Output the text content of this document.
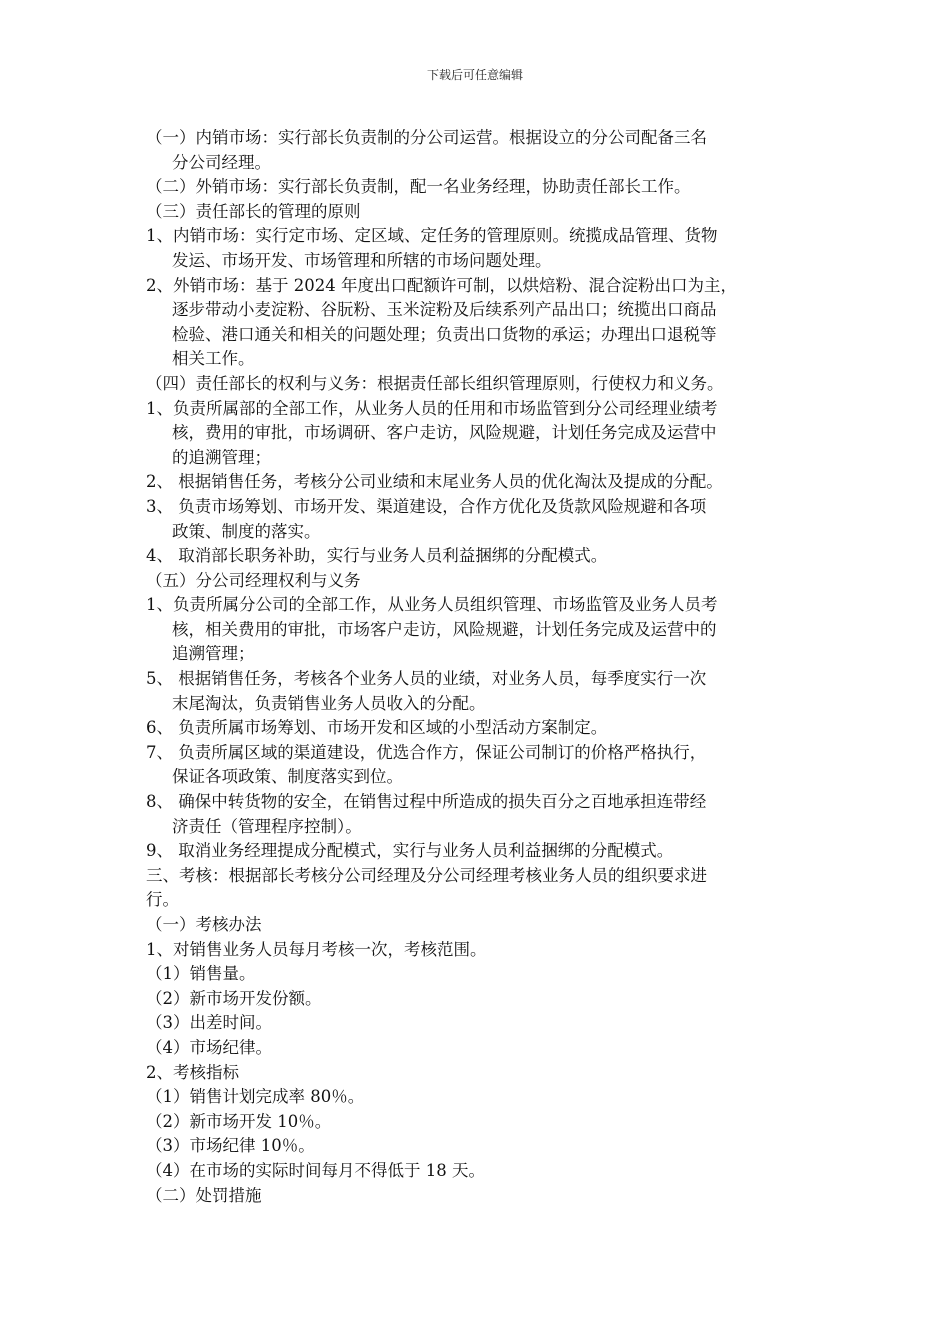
下载后可任意编辑

（一）内销市场：实行部长负责制的分公司运营。根据设立的分公司配备三名

分公司经理。

（二）外销市场：实行部长负责制，配一名业务经理，协助责任部长工作。

（三）责任部长的管理的原则

1、内销市场：实行定市场、定区域、定任务的管理原则。统揽成品管理、货物

发运、市场开发、市场管理和所辖的市场问题处理。

2、外销市场：基于 2024 年度出口配额许可制，以烘焙粉、混合淀粉出口为主，

逐步带动小麦淀粉、谷朊粉、玉米淀粉及后续系列产品出口；统揽出口商品

检验、港口通关和相关的问题处理；负责出口货物的承运；办理出口退税等

相关工作。

（四）责任部长的权利与义务：根据责任部长组织管理原则，行使权力和义务。

1、负责所属部的全部工作，从业务人员的任用和市场监管到分公司经理业绩考

核，费用的审批，市场调研、客户走访，风险规避，计划任务完成及运营中

的追溯管理；

2、 根据销售任务，考核分公司业绩和末尾业务人员的优化淘汰及提成的分配。

3、 负责市场筹划、市场开发、渠道建设，合作方优化及货款风险规避和各项

政策、制度的落实。

4、 取消部长职务补助，实行与业务人员利益捆绑的分配模式。

（五）分公司经理权利与义务

1、负责所属分公司的全部工作，从业务人员组织管理、市场监管及业务人员考

核，相关费用的审批，市场客户走访，风险规避，计划任务完成及运营中的

追溯管理；

5、 根据销售任务，考核各个业务人员的业绩，对业务人员，每季度实行一次

末尾淘汰，负责销售业务人员收入的分配。

6、 负责所属市场筹划、市场开发和区域的小型活动方案制定。

7、 负责所属区域的渠道建设，优选合作方，保证公司制订的价格严格执行，

保证各项政策、制度落实到位。

8、 确保中转货物的安全，在销售过程中所造成的损失百分之百地承担连带经

济责任（管理程序控制）。

9、 取消业务经理提成分配模式，实行与业务人员利益捆绑的分配模式。

三、考核：根据部长考核分公司经理及分公司经理考核业务人员的组织要求进

行。

（一）考核办法

1、对销售业务人员每月考核一次，考核范围。

（1）销售量。

（2）新市场开发份额。

（3）出差时间。

（4）市场纪律。

2、考核指标

（1）销售计划完成率 80％。

（2）新市场开发 10％。

（3）市场纪律 10％。

（4）在市场的实际时间每月不得低于 18 天。

（二）处罚措施
